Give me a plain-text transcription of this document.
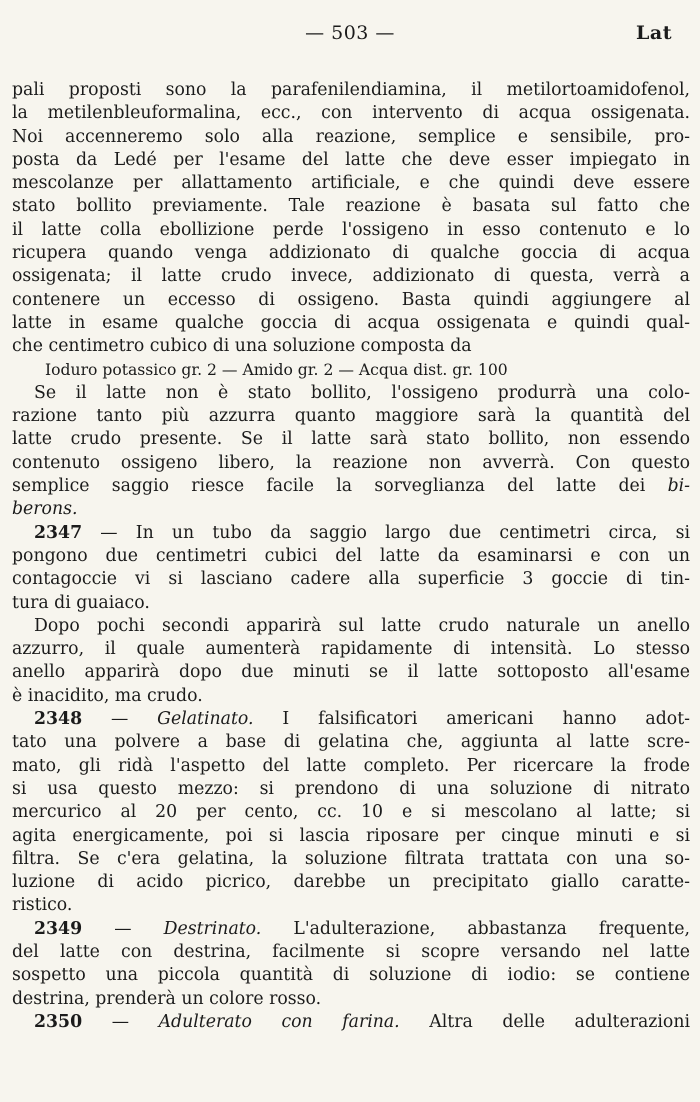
— 503 —	Lat
pali proposti sono la parafenilendiamina, il metilortoamidofenol,
la metilenbleuformalina, ecc., con intervento di acqua ossigenata.
Noi accenneremo solo alla reazione, semplice e sensibile, pro-
posta da Ledé per l'esame del latte che deve esser impiegato in
mescolanze per allattamento artificiale, e che quindi deve essere
stato bollito previamente. Tale reazione è basata sul fatto che
il latte colla ebollizione perde l'ossigeno in esso contenuto e lo
ricupera quando venga addizionato di qualche goccia di acqua
ossigenata; il latte crudo invece, addizionato di questa, verrà a
contenere un eccesso di ossigeno. Basta quindi aggiungere al
latte in esame qualche goccia di acqua ossigenata e quindi qual-
che centimetro cubico di una soluzione composta da
Ioduro potassico gr. 2 — Amido gr. 2 — Acqua dist. gr. 100
Se il latte non è stato bollito, l'ossigeno produrrà una colo-
razione tanto più azzurra quanto maggiore sarà la quantità del
latte crudo presente. Se il latte sarà stato bollito, non essendo
contenuto ossigeno libero, la reazione non avverrà. Con questo
semplice saggio riesce facile la sorveglianza del latte dei bi-
berons.
2347 — In un tubo da saggio largo due centimetri circa, si
pongono due centimetri cubici del latte da esaminarsi e con un
contagoccie vi si lasciano cadere alla superficie 3 goccie di tin-
tura di guaiaco.
Dopo pochi secondi apparirà sul latte crudo naturale un anello
azzurro, il quale aumenterà rapidamente di intensità. Lo stesso
anello apparirà dopo due minuti se il latte sottoposto all'esame
è inacidito, ma crudo.
2348 — Gelatinato. I falsificatori americani hanno adot-
tato una polvere a base di gelatina che, aggiunta al latte scre-
mato, gli ridà l'aspetto del latte completo. Per ricercare la frode
si usa questo mezzo: si prendono di una soluzione di nitrato
mercurico al 20 per cento, cc. 10 e si mescolano al latte; si
agita energicamente, poi si lascia riposare per cinque minuti e si
filtra. Se c'era gelatina, la soluzione filtrata trattata con una so-
luzione di acido picrico, darebbe un precipitato giallo caratte-
ristico.
2349 — Destrinato. L'adulterazione, abbastanza frequente,
del latte con destrina, facilmente si scopre versando nel latte
sospetto una piccola quantità di soluzione di iodio: se contiene
destrina, prenderà un colore rosso.
2350 — Adulterato con farina. Altra delle adulterazioni
